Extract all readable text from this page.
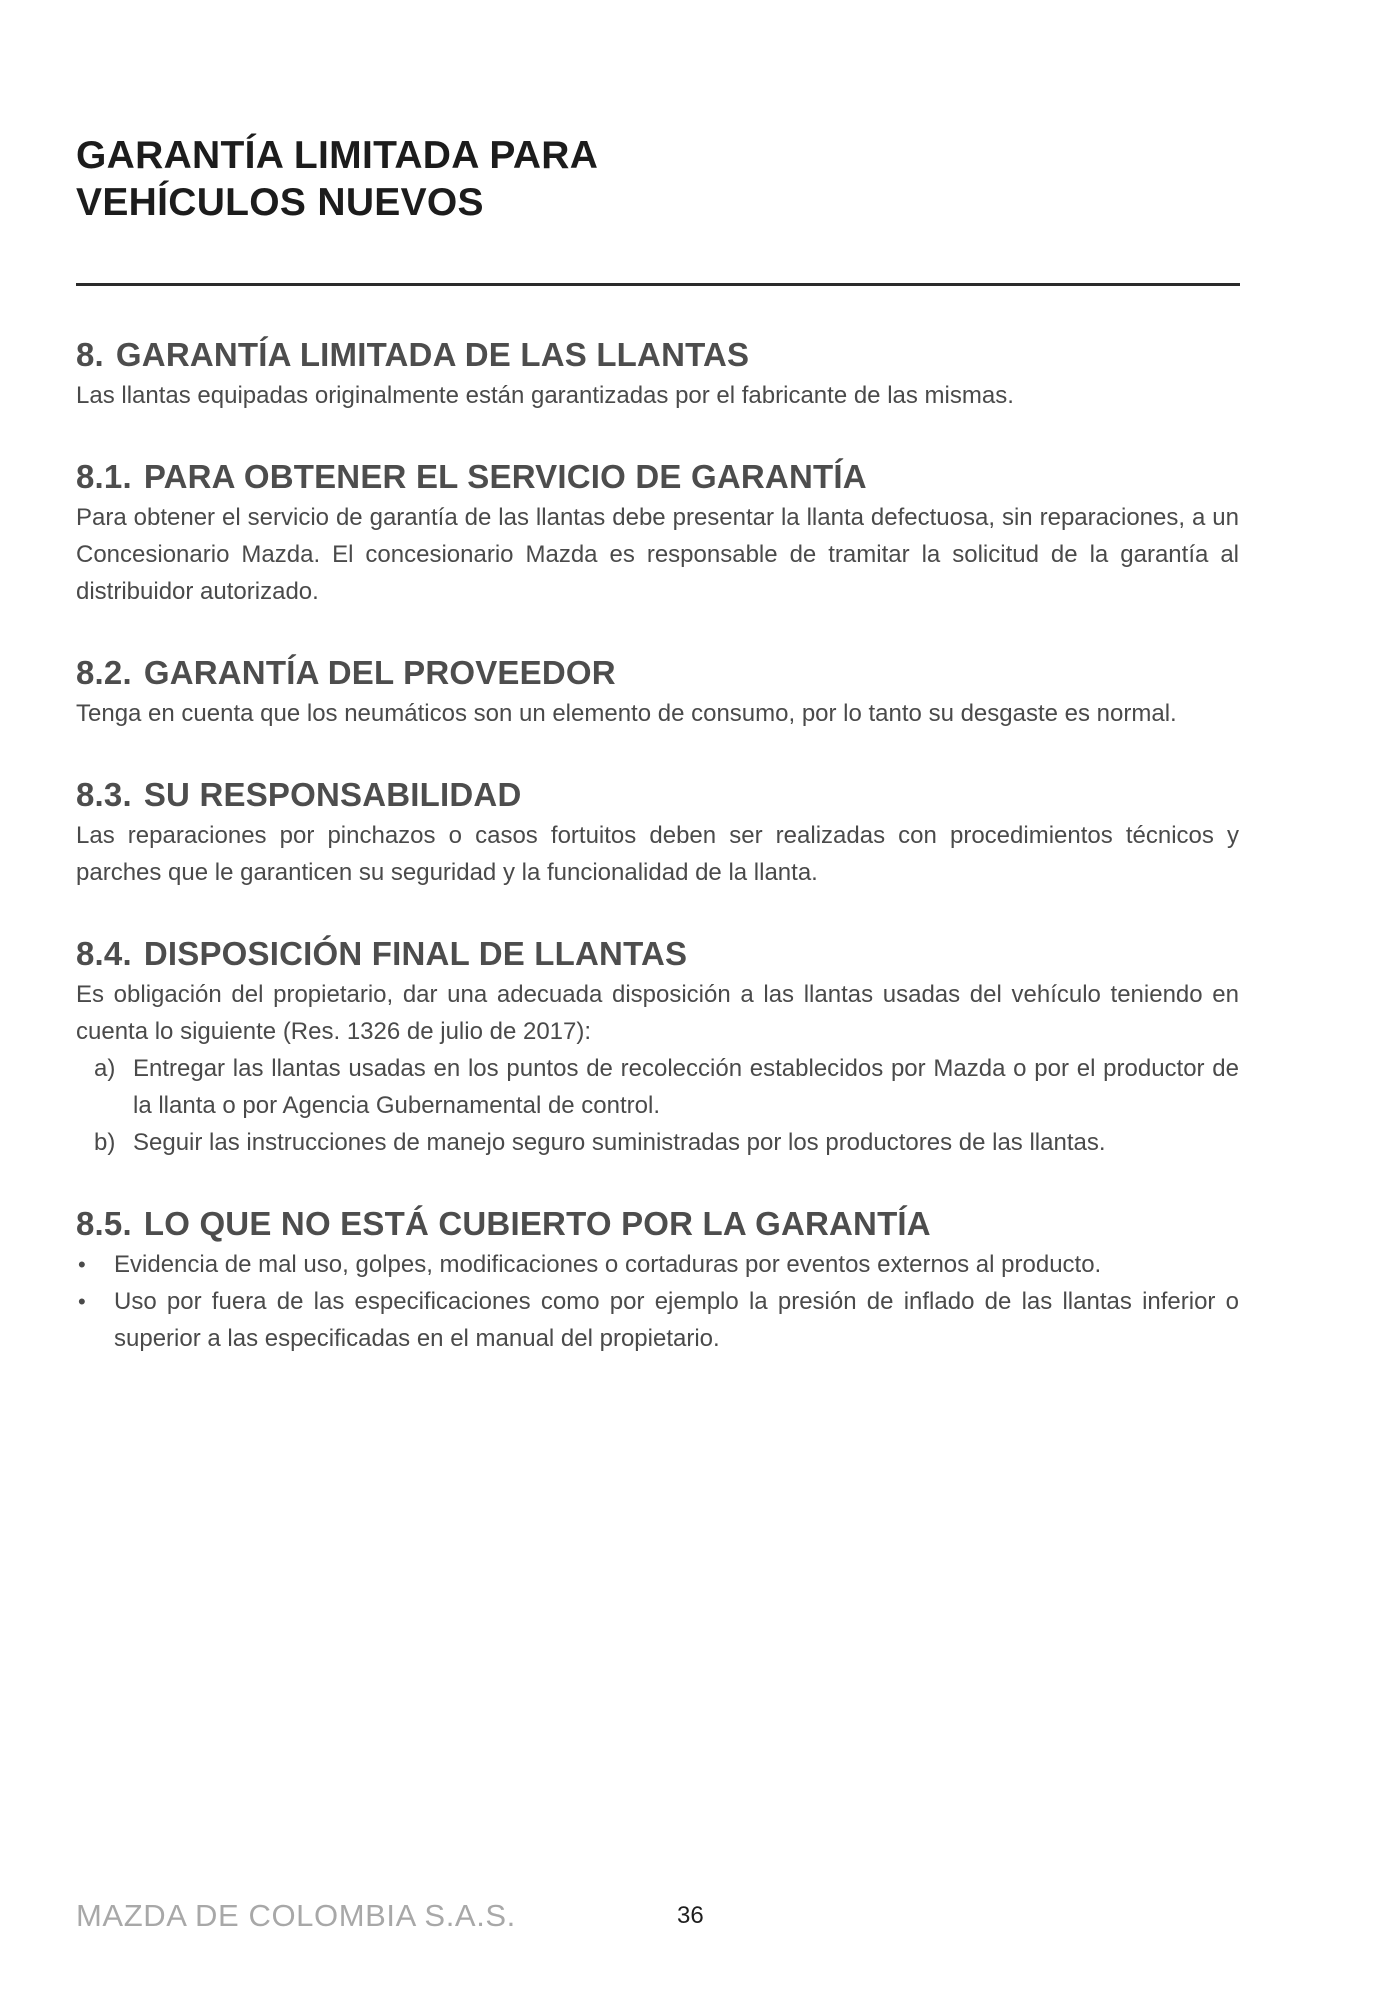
GARANTÍA LIMITADA PARA
VEHÍCULOS NUEVOS
8. GARANTÍA LIMITADA DE LAS LLANTAS

Las llantas equipadas originalmente están garantizadas por el fabricante de las mismas.

8.1. PARA OBTENER EL SERVICIO DE GARANTÍA

Para obtener el servicio de garantía de las llantas debe presentar la llanta defectuosa, sin reparaciones, a un Concesionario Mazda. El concesionario Mazda es responsable de tramitar la solicitud de la garantía al distribuidor autorizado.

8.2. GARANTÍA DEL PROVEEDOR

Tenga en cuenta que los neumáticos son un elemento de consumo, por lo tanto su desgaste es normal.

8.3. SU RESPONSABILIDAD

Las reparaciones por pinchazos o casos fortuitos deben ser realizadas con procedimientos técnicos y parches que le garanticen su seguridad y la funcionalidad de la llanta.

8.4. DISPOSICIÓN FINAL DE LLANTAS

Es obligación del propietario, dar una adecuada disposición a las llantas usadas del vehículo teniendo en cuenta lo siguiente (Res. 1326 de julio de 2017):

a) Entregar las llantas usadas en los puntos de recolección establecidos por Mazda o por el productor de la llanta o por Agencia Gubernamental de control.
b) Seguir las instrucciones de manejo seguro suministradas por los productores de las llantas.
8.5. LO QUE NO ESTÁ CUBIERTO POR LA GARANTÍA
• Evidencia de mal uso, golpes, modificaciones o cortaduras por eventos externos al producto.
• Uso por fuera de las especificaciones como por ejemplo la presión de inflado de las llantas inferior o superior a las especificadas en el manual del propietario.
MAZDA DE COLOMBIA S.A.S.	36
